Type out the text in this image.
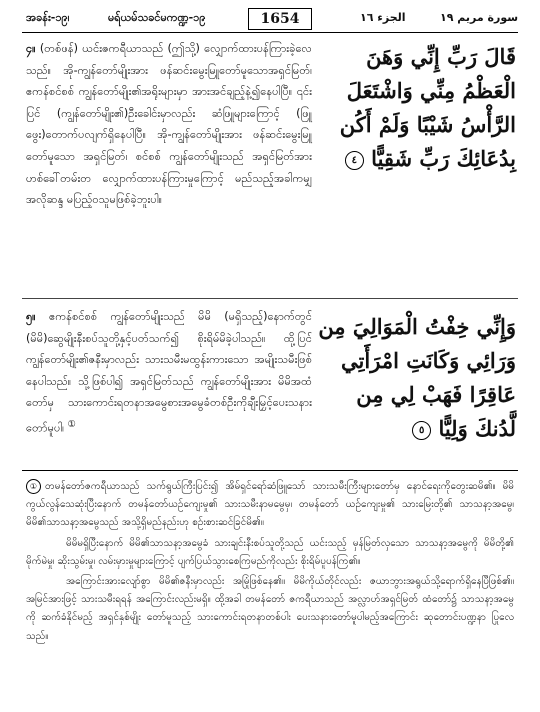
အခန်း-၁၉၊	မရ်ယမ်သခင်မကဏ္ဍ-၁၉	1654	الجزء ١٦	سورة مريم ١٩
၄။ (တစ်ဖန်) ယင်း‌ဇကရီယာသည် (ဤသို့) လျှောက်ထားပန်ကြားခဲ့လေသည်။ အို-ကျွန်တော်မျိုးအား ဖန်ဆင်းမွေးမြူတော်မူသောအရှင်မြတ်၊ ဧကန်စင်စစ် ကျွန်တော်မျိုး၏အရိုးများမှာ အားအင်ချည့်နဲ့၍နေပါပြီ။ ၎င်းပြင် (ကျွန်တော်မျိုး၏)ဦးခေါင်းမှာလည်း ဆံဖြူများကြောင့် (ဖြူဖွေး)တောက်ပလျက်ရှိနေပါပြီ။ အို-ကျွန်တော်မျိုးအား ဖန်ဆင်းမွေးမြူတော်မူသော အရှင်မြတ်၊ စင်စစ် ကျွန်တော်မျိုးသည် အရှင်မြတ်အား ဟစ်ခေါ်တမ်းတ လျှောက်ထားပန်ကြားမှုကြောင့် မည်သည့်အခါကမျှ အလိုဆန္ဒ မပြည့်ဝသူမဖြစ်ခဲ့ဘူးပါ။
قَالَ رَبِّ إِنِّي وَهَنَ الْعَظْمُ مِنِّي وَاشْتَعَلَ الرَّأْسُ شَيْبًا وَلَمْ أَكُن بِدُعَائِكَ رَبِّ شَقِيًّا ٤
၅။ ဧကန်စင်စစ် ကျွန်တော်မျိုးသည် မိမိ (မရှိသည့်)နောက်တွင် (မိမိ)ဆွေမျိုးနီးစပ်သူတို့နှင့်ပတ်သက်၍ စိုးရိမ်မိခဲ့ပါသည်။ ထို့ပြင် ကျွန်တော်မျိုး၏ဇနီးမှာလည်း သားသမီးမထွန်းကားသော အမျိုးသမီးဖြစ်နေပါသည်။ သို့ဖြစ်ပါ၍ အရှင်မြတ်သည် ကျွန်တော်မျိုးအား မိမိအထံတော်မှ သားကောင်းရတနာအမွေစားအမွေခံတစ်ဦးကိုချီးမြှင့်ပေးသနားတော်မူပါ၊ ①
وَإِنِّي خِفْتُ الْمَوَالِيَ مِن وَرَائِي وَكَانَتِ امْرَأَتِي عَاقِرًا فَهَبْ لِي مِن لَّدُنكَ وَلِيًّا ٥

① တမန်တော်ဇကရီယာသည် သက်ရွယ်ကြီးပြင်း၍ အိမ်ရှင်ရော်ဆံဖြူသော် သားသမီးကြီးများတော်မှ နောင်ရေးကိုတွေးဆမိ၏။ မိမိကွယ်လွန်သေဆုံးပြီးနောက် တမန်တော်ယဉ်ကျေးမှု၏ သားသမီးနာမမွေမှ၊ တမန်တော် ယဉ်ကျေးမှု၏ သားမြေးတို့၏ သာသနာ့အမွေ၊ မိမိ၏သာသနာ့အမွေသည် အသို့ရှိမည်နည်းဟု စဉ်းစားဆင်ခြင်မိ၏။

မိမိမရှိပြီးနောက် မိမိ၏သာသနာ့အမွေခံ သားချင်းနီးစပ်သူတို့သည် ယင်းသည့် မှန်မြတ်လှသော သာသနာ့အမွေကို မိမိတို့၏ မိုက်မဲမှု၊ ဆိုးသွမ်းမှု၊ လမ်းမှားမှုများကြောင့် ပျက်ပြယ်သွားစေကြမည်ကိုလည်း စိုးရိမ်ပူပန်ကြ၏။

အကြောင်းအားလျော်စွာ မိမိ၏ဇနီးမှာလည်း အမြုံဖြစ်နေ၏။ မိမိကိုယ်တိုင်လည်း ဇယာဘွားအရွယ်သို့ရောက်ရှိနေပြီဖြစ်၏။ အမြင်အားဖြင့် သားသမီးရရန် အကြောင်းလည်းမရှိ။ ထို့အခါ တမန်တော် ဇကရီယာသည် အလ္လာဟ်အရှင်မြတ် ထံတော်၌ သာသနာ့အမွေကို ဆက်ခံနိုင်မည့် အရှင်နှစ်မျိုး တော်မူသည့် သားကောင်းရတနာတစ်ပါး ပေးသနားတော်မူပါမည့်အကြောင်း ဆုတောင်းပဏ္ဍနာ ပြုလေသည်။
